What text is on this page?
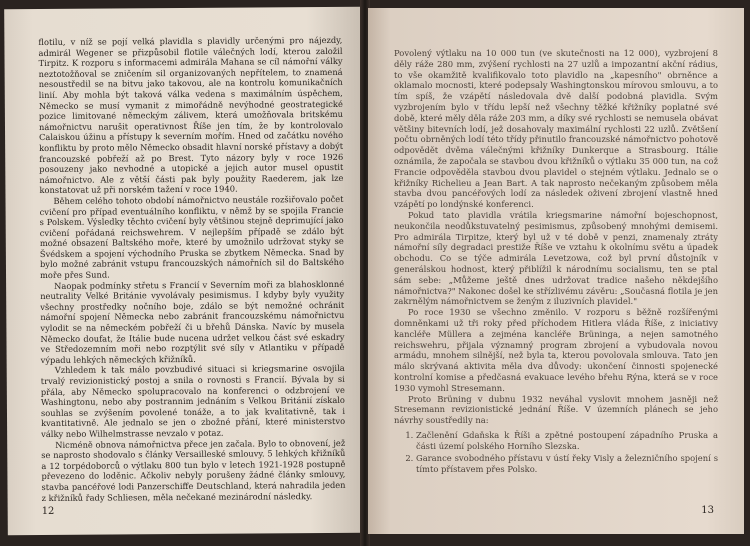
flotilu, v níž se pojí velká plavidla s plavidly určenými pro nájezdy, admirál Wegener se přizpůsobil flotile válečných lodí, kterou založil Tirpitz. K rozporu s informacemi admirála Mahana se cíl námořní války neztotožňoval se zničením sil organizovaných nepřítelem, to znamená nesoustředil se na bitvu jako takovou, ale na kontrolu komunikačních linií. Aby mohla být taková válka vedena s maximálním úspěchem, Německo se musí vymanit z mimořádně nevýhodné geostrategické pozice limitované německým zálivem, která umožňovala britskému námořnictvu narušit operativnost Říše jen tím, že by kontrolovalo Calaiskou úžinu a přístupy k severním mořím. Hned od začátku nového konfliktu by proto mělo Německo obsadit hlavní norské přístavy a dobýt francouzské pobřeží až po Brest. Tyto názory byly v roce 1926 posouzeny jako nevhodné a utopické a jejich autor musel opustit námořnictvo. Ale z větší části pak byly použity Raederem, jak lze konstatovat už při norském tažení v roce 1940.

Během celého tohoto období námořnictvo neustále rozšiřovalo počet cvičení pro případ eventuálního konfliktu, v němž by se spojila Francie s Polskem. Výsledky těchto cvičení byly většinou stejně deprimující jako cvičení pořádaná reichswehrem. V nejlepším případě se zdálo být možné obsazení Baltského moře, které by umožnilo udržovat styky se Švédskem a spojení východního Pruska se zbytkem Německa. Snad by bylo možné zabránit vstupu francouzských námořních sil do Baltského moře přes Sund.

Naopak podmínky střetu s Francií v Severním moři za blahosklonné neutrality Velké Británie vyvolávaly pesimismus. I kdyby byly využity všechny prostředky nočního boje, zdálo se být nemožné ochránit námořní spojení Německa nebo zabránit francouzskému námořnictvu vylodit se na německém pobřeží či u břehů Dánska. Navíc by musela Německo doufat, že Itálie bude nucena udržet velkou část své eskadry ve Středozemním moři nebo rozptýlit své síly v Atlantiku v případě výpadu lehkých německých křižníků.

Vzhledem k tak málo povzbudivé situaci si kriegsmarine osvojila trvalý revizionistický postoj a snila o rovnosti s Francií. Bývala by si přála, aby Německo spolupracovalo na konferenci o odzbrojení ve Washingtonu, nebo aby postrannim jednáním s Velkou Británií získalo souhlas se zvýšením povolené tonáže, a to jak kvalitativně, tak i kvantitativně. Ale jednalo se jen o zbožné přání, které ministerstvo války nebo Wilhelmstrasse nevzalo v potaz.

Nicméně obnova námořnictva přece jen začala. Bylo to obnovení, jež se naprosto shodovalo s články Versailleské smlouvy. 5 lehkých křižníků a 12 torpédoborců o výtlaku 800 tun bylo v letech 1921-1928 postupně převezeno do loděnic. Ačkoliv nebyly porušeny žádné články smlouvy, stavba pancéřové lodi Panzerschiffe Deutschland, která nahradila jeden z křižníků řady Schliesen, měla nečekané mezinárodní následky.

12

Povolený výtlaku na 10 000 tun (ve skutečnosti na 12 000), vyzbrojení 8 děly ráže 280 mm, zvýšení rychlosti na 27 uzlů a impozantní akční rádius, to vše okamžitě kvalifikovalo toto plavidlo na „kapesního" obrněnce a oklamalo mocnosti, které podepsaly Washingtonskou mírovou smlouvu, a to tím spíš, že vzápětí následovala dvě další podobná plavidla. Svým vyzbrojením bylo v třídu lepší než všechny těžké křižníky poplatné své době, které měly děla ráže 203 mm, a díky své rychlosti se nemusela obávat většiny bitevních lodí, jež dosahovaly maximální rychlosti 22 uzlů. Zvětšení počtu obrněných lodí této třídy přinutilo francouzské námořnictvo pohotově odpovědět dvěma válečnými křižníky Dunkerque a Strasbourg. Itálie oznámila, že započala se stavbou dvou křižníků o výtlaku 35 000 tun, na což Francie odpověděla stavbou dvou plavidel o stejném výtlaku. Jednalo se o křižníky Richelieu a Jean Bart. A tak naprosto nečekaným způsobem měla stavba dvou pancéřových lodí za následek oživení zbrojení vlastně hned vzápětí po londýnské konferenci.

Pokud tato plavidla vrátila kriegsmarine námořní bojeschopnost, neukončila neodůkstuvatelný pesimismus, způsobený mnohými demisemi. Pro admirála Tirpitze, který byl už v té době v penzi, znamenaly ztráty námořní síly degradaci prestiže Říše ve vztahu k okolnímu světu a úpadek obchodu. Co se týče admirála Levetzowa, což byl první důstojník v generálskou hodnost, který přiblížil k národnímu socialismu, ten se ptal sám sebe: „Můžeme ještě dnes udržovat tradice našeho někdejšího námořnictva?" Nakonec došel ke střízlivému závěru: „Současná flotila je jen zakrnělým námořnictvem se ženým z iluzivních plavidel."

Po roce 1930 se všechno změnilo. V rozporu s běžně rozšířenými domněnkami už tři roky před příchodem Hitlera vláda Říše, z iniciativy kancléře Müllera a zejména kancléře Brüninga, a nejen samotného reichswehru, přijala významný program zbrojení a vybudovala novou armádu, mnohem silnější, než byla ta, kterou povolovala smlouva. Tato jen málo skrývaná aktivita měla dva důvody: ukončení činnosti spojenecké kontrolní komise a předčasná evakuace levého břehu Rýna, která se v roce 1930 vymohl Stresemann.

Proto Brüning v dubnu 1932 neváhal vyslovit mnohem jasněji než Stresemann revizionistické jednání Říše. V územních plánech se jeho návrhy soustředily na:

1. Začlenění Gdaňska k Říši a zpětné postoupení západního Pruska a části území polského Horního Slezska.
2. Garance svobodného přístavu v ústí řeky Visly a železničního spojení s tímto přístavem přes Polsko.
13
